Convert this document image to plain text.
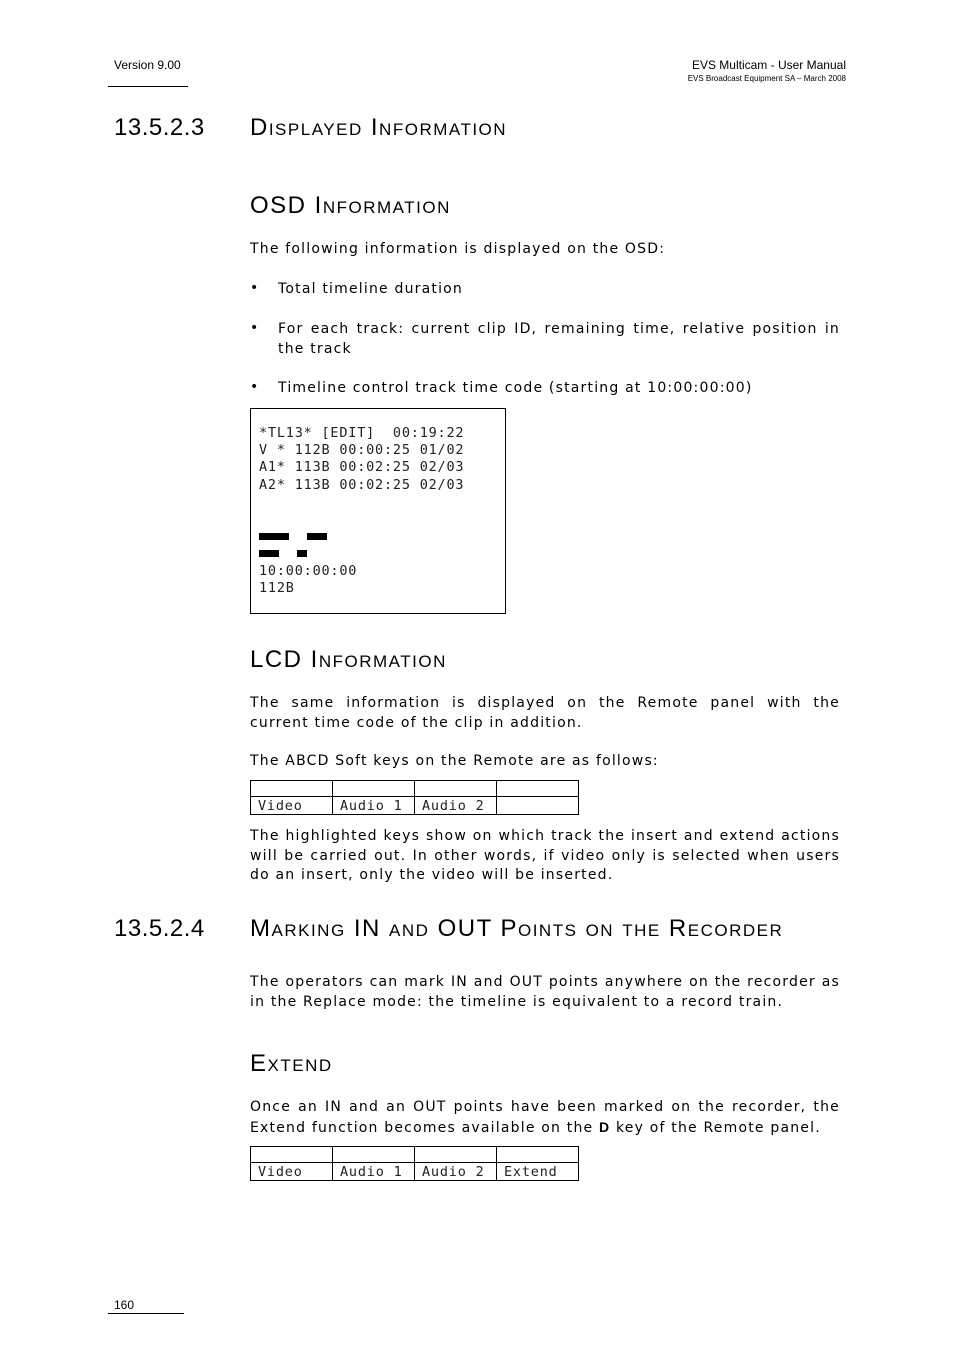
Version 9.00	EVS Multicam - User Manual
EVS Broadcast Equipment SA – March 2008
13.5.2.3 Displayed Information
OSD Information
The following information is displayed on the OSD:
• Total timeline duration
• For each track: current clip ID, remaining time, relative position in the track
• Timeline control track time code (starting at 10:00:00:00)
*TL13* [EDIT]  00:19:22
V * 112B 00:00:25 01/02
A1* 113B 00:02:25 02/03
A2* 113B 00:02:25 02/03
10:00:00:00
112B
LCD Information
The same information is displayed on the Remote panel with the current time code of the clip in addition.
The ABCD Soft keys on the Remote are as follows:

Video	Audio 1	Audio 2	
The highlighted keys show on which track the insert and extend actions will be carried out. In other words, if video only is selected when users do an insert, only the video will be inserted.
13.5.2.4 Marking IN and OUT Points on the Recorder
The operators can mark IN and OUT points anywhere on the recorder as in the Replace mode: the timeline is equivalent to a record train.
Extend
Once an IN and an OUT points have been marked on the recorder, the Extend function becomes available on the D key of the Remote panel.

Video	Audio 1	Audio 2	Extend
160
